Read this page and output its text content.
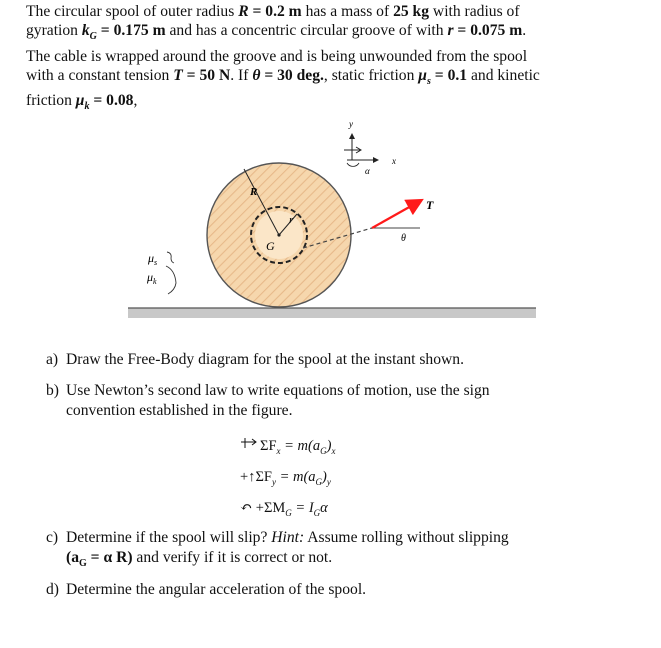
The circular spool of outer radius R = 0.2 m has a mass of 25 kg with radius of
gyration $k_G = 0.175$ m and has a concentric circular groove of with r = 0.075 m.
The cable is wrapped around the groove and is being unwounded from the spool
with a constant tension T = 50 N. If θ = 30 deg., static friction $\mu_s = 0.1$ and kinetic
friction $\mu_k = 0.08$,
R
r
G
T
θ
y
x
α
$\mu_s$
$\mu_k$
a) Draw the Free-Body diagram for the spool at the instant shown.
b) Use Newton’s second law to write equations of motion, use the sign
convention established in the figure.
$\Sigma F_x = m(a_G)_x$
$+↑\Sigma F_y = m(a_G)_y$
↶ $+\Sigma M_G = I_G\alpha$
c) Determine if the spool will slip? Hint: Assume rolling without slipping
($a_G = \alpha$ R) and verify if it is correct or not.
d) Determine the angular acceleration of the spool.
